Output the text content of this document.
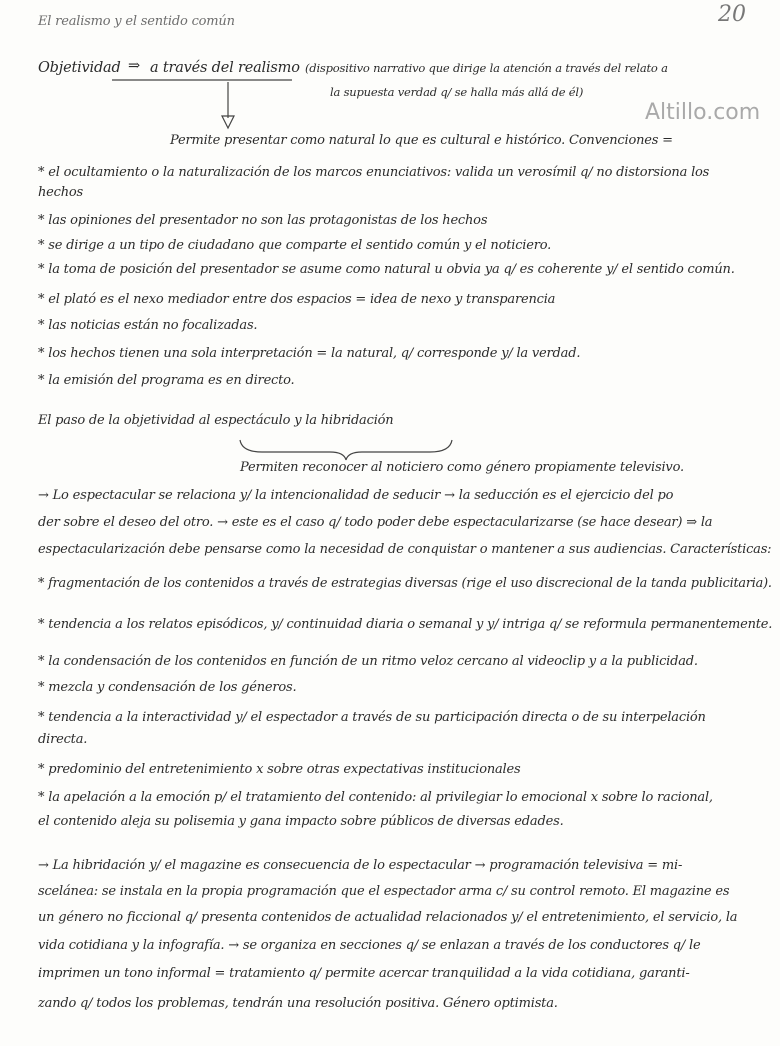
Altillo.com
20
El realismo y el sentido común
Objetividad ⇒ a través del realismo (dispositivo narrativo que dirige la atención a través del relato a
la supuesta verdad q/ se halla más allá de él)
Permite presentar como natural lo que es cultural e histórico. Convenciones =
* el ocultamiento o la naturalización de los marcos enunciativos: valida un verosímil q/ no distorsiona los
hechos
* las opiniones del presentador no son las protagonistas de los hechos
* se dirige a un tipo de ciudadano que comparte el sentido común y el noticiero.
* la toma de posición del presentador se asume como natural u obvia ya q/ es coherente y/ el sentido común.
* el plató es el nexo mediador entre dos espacios = idea de nexo y transparencia
* las noticias están no focalizadas.
* los hechos tienen una sola interpretación = la natural, q/ corresponde y/ la verdad.
* la emisión del programa es en directo.
El paso de la objetividad al espectáculo y la hibridación
Permiten reconocer al noticiero como género propiamente televisivo.
→ Lo espectacular se relaciona y/ la intencionalidad de seducir → la seducción es el ejercicio del po
der sobre el deseo del otro. → este es el caso q/ todo poder debe espectacularizarse (se hace desear) ⇒ la
espectacularización debe pensarse como la necesidad de conquistar o mantener a sus audiencias. Características:
* fragmentación de los contenidos a través de estrategias diversas (rige el uso discrecional de la tanda publicitaria).
* tendencia a los relatos episódicos, y/ continuidad diaria o semanal y y/ intriga q/ se reformula permanentemente.
* la condensación de los contenidos en función de un ritmo veloz cercano al videoclip y a la publicidad.
* mezcla y condensación de los géneros.
* tendencia a la interactividad y/ el espectador a través de su participación directa o de su interpelación
directa.
* predominio del entretenimiento x sobre otras expectativas institucionales
* la apelación a la emoción p/ el tratamiento del contenido: al privilegiar lo emocional x sobre lo racional,
el contenido aleja su polisemia y gana impacto sobre públicos de diversas edades.
→ La hibridación y/ el magazine es consecuencia de lo espectacular → programación televisiva = mi-
scelánea: se instala en la propia programación que el espectador arma c/ su control remoto. El magazine es
un género no ficcional q/ presenta contenidos de actualidad relacionados y/ el entretenimiento, el servicio, la
vida cotidiana y la infografía. → se organiza en secciones q/ se enlazan a través de los conductores q/ le
imprimen un tono informal = tratamiento q/ permite acercar tranquilidad a la vida cotidiana, garanti-
zando q/ todos los problemas, tendrán una resolución positiva. Género optimista.
